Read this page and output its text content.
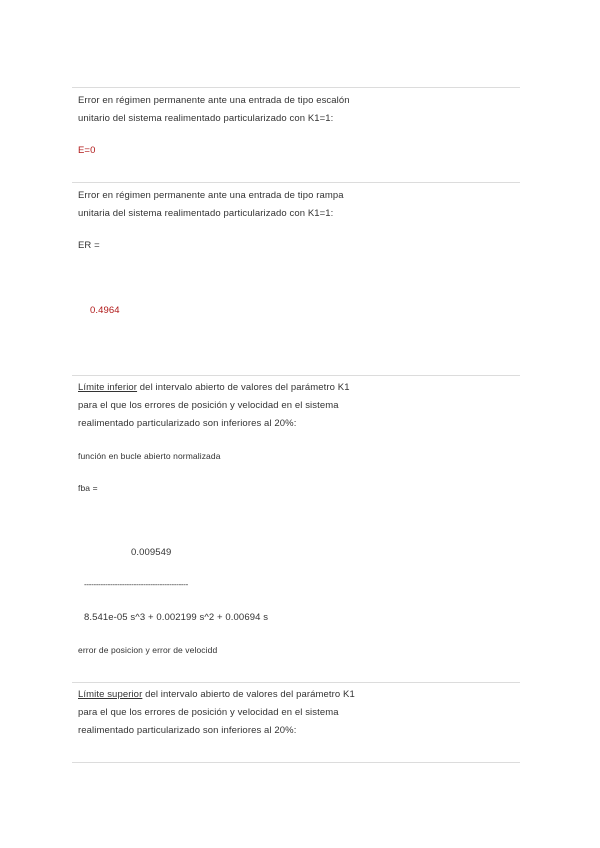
Error en régimen permanente ante una entrada de tipo escalón
unitario del sistema realimentado particularizado con K1=1:
E=0
Error en régimen permanente ante una entrada de tipo rampa
unitaria del sistema realimentado particularizado con K1=1:
ER =
0.4964
Límite inferior del intervalo abierto de valores del parámetro K1
para el que los errores de posición y velocidad en el sistema
realimentado particularizado son inferiores al 20%:
función en bucle abierto normalizada
fba =
0.009549
--------------------------------------------
8.541e-05 s^3 + 0.002199 s^2 + 0.00694 s
error de posicion y error de velocidd
Límite superior del intervalo abierto de valores del parámetro K1
para el que los errores de posición y velocidad en el sistema
realimentado particularizado son inferiores al 20%:
